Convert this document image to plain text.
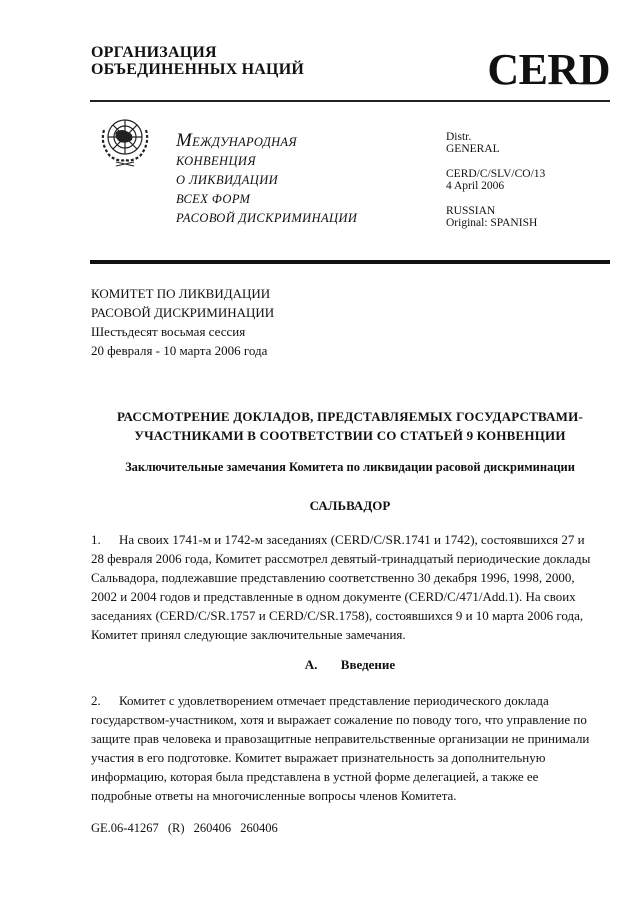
ОРГАНИЗАЦИЯ
ОБЪЕДИНЕННЫХ НАЦИЙ	CERD
МЕЖДУНАРОДНАЯ
КОНВЕНЦИЯ
О ЛИКВИДАЦИИ
ВСЕХ ФОРМ
РАСОВОЙ ДИСКРИМИНАЦИИ
Distr.
GENERAL
CERD/C/SLV/CO/13
4 April 2006
RUSSIAN
Original: SPANISH
КОМИТЕТ ПО ЛИКВИДАЦИИ
РАСОВОЙ ДИСКРИМИНАЦИИ
Шестьдесят восьмая сессия
20 февраля - 10 марта 2006 года
РАССМОТРЕНИЕ ДОКЛАДОВ, ПРЕДСТАВЛЯЕМЫХ ГОСУДАРСТВАМИ-
УЧАСТНИКАМИ В СООТВЕТСТВИИ СО СТАТЬЕЙ 9 КОНВЕНЦИИ
Заключительные замечания Комитета по ликвидации расовой дискриминации
САЛЬВАДОР
1. На своих 1741-м и 1742-м заседаниях (CERD/C/SR.1741 и 1742), состоявшихся 27 и
28 февраля 2006 года, Комитет рассмотрел девятый-тринадцатый периодические доклады
Сальвадора, подлежавшие представлению соответственно 30 декабря 1996, 1998, 2000,
2002 и 2004 годов и представленные в одном документе (CERD/C/471/Add.1). На своих
заседаниях (CERD/C/SR.1757 и CERD/C/SR.1758), состоявшихся 9 и 10 марта 2006 года,
Комитет принял следующие заключительные замечания.
A. Введение
2. Комитет с удовлетворением отмечает представление периодического доклада
государством-участником, хотя и выражает сожаление по поводу того, что управление по
защите прав человека и правозащитные неправительственные организации не принимали
участия в его подготовке. Комитет выражает признательность за дополнительную
информацию, которая была представлена в устной форме делегацией, а также ее
подробные ответы на многочисленные вопросы членов Комитета.
GE.06-41267 (R) 260406 260406
